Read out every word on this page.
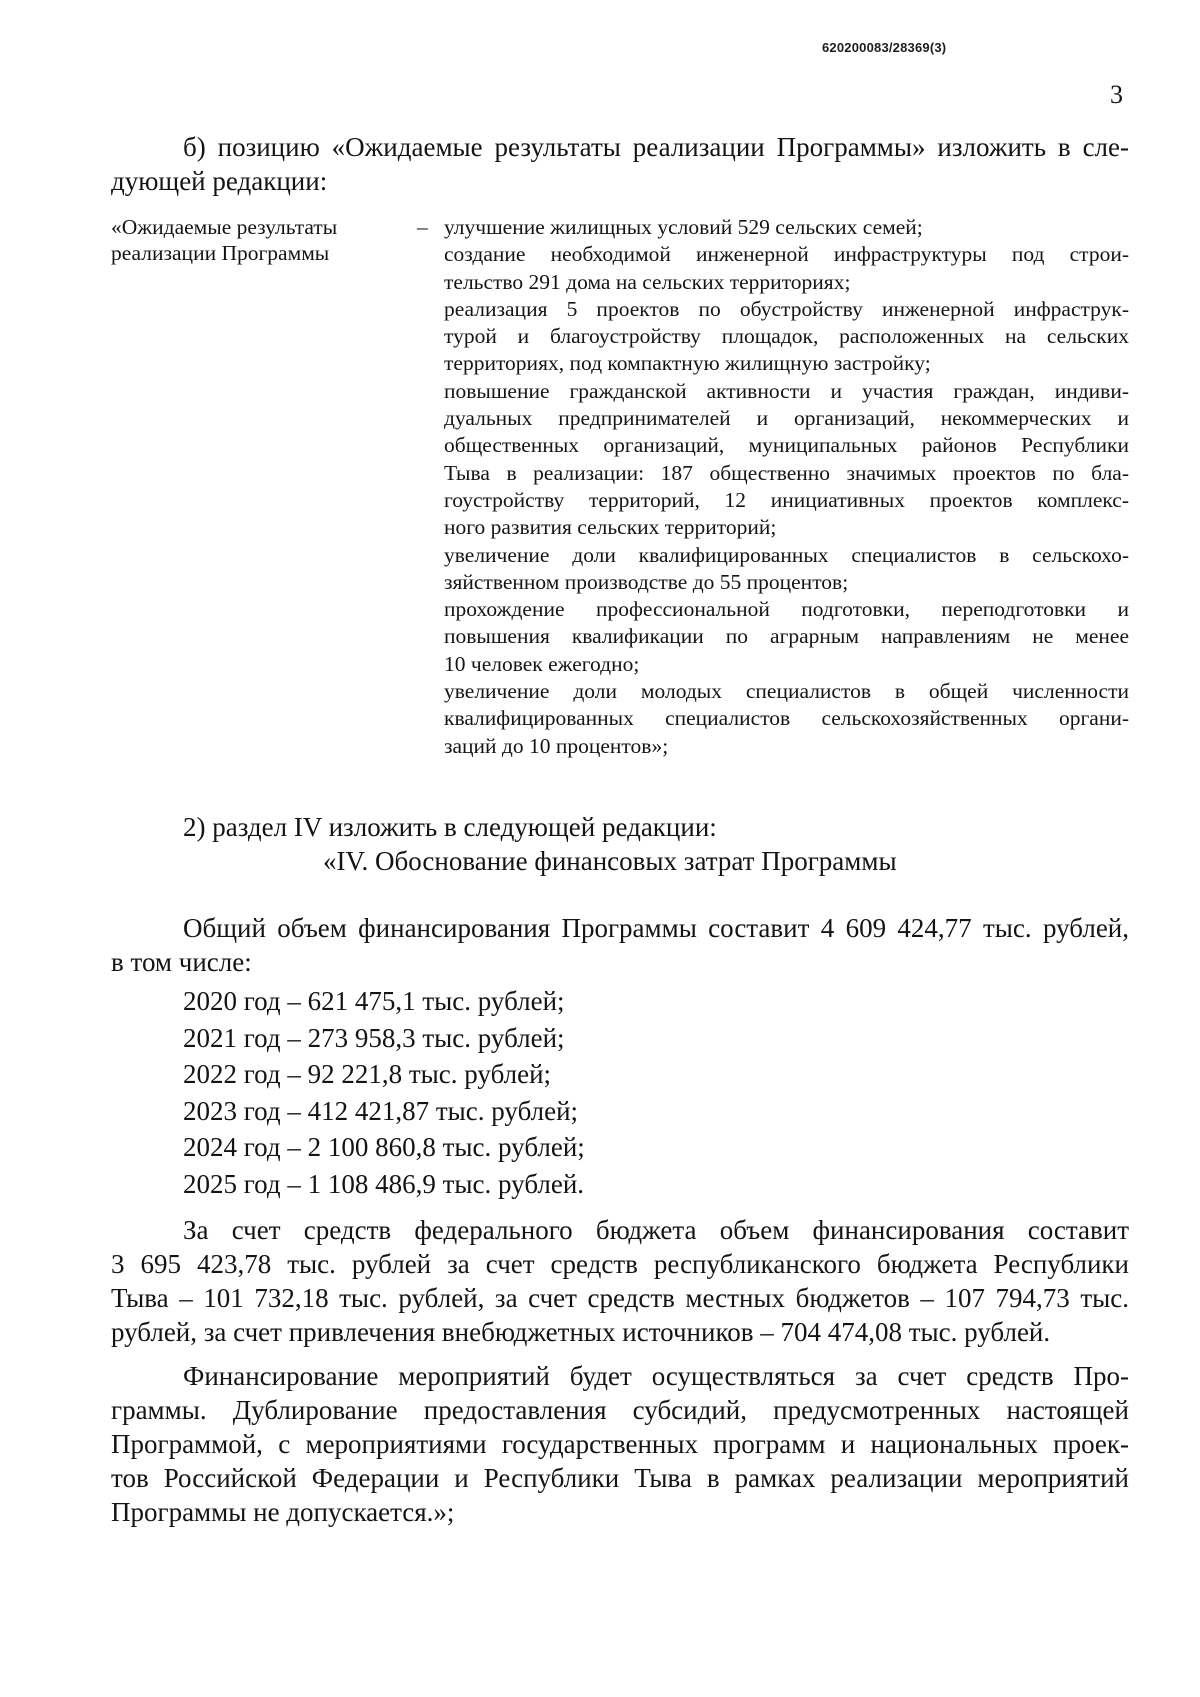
620200083/28369(3)
3
б) позицию «Ожидаемые результаты реализации Программы» изложить в сле-
дующей редакции:
«Ожидаемые результаты
реализации Программы
– улучшение жилищных условий 529 сельских семей;
создание необходимой инженерной инфраструктуры под строи-
тельство 291 дома на сельских территориях;
реализация 5 проектов по обустройству инженерной инфраструк-
турой и благоустройству площадок, расположенных на сельских
территориях, под компактную жилищную застройку;
повышение гражданской активности и участия граждан, индиви-
дуальных предпринимателей и организаций, некоммерческих и
общественных организаций, муниципальных районов Республики
Тыва в реализации: 187 общественно значимых проектов по бла-
гоустройству территорий, 12 инициативных проектов комплекс-
ного развития сельских территорий;
увеличение доли квалифицированных специалистов в сельскохо-
зяйственном производстве до 55 процентов;
прохождение профессиональной подготовки, переподготовки и
повышения квалификации по аграрным направлениям не менее
10 человек ежегодно;
увеличение доли молодых специалистов в общей численности
квалифицированных специалистов сельскохозяйственных органи-
заций до 10 процентов»;
2) раздел IV изложить в следующей редакции:
«IV. Обоснование финансовых затрат Программы
Общий объем финансирования Программы составит 4 609 424,77 тыс. рублей,
в том числе:
2020 год – 621 475,1 тыс. рублей;
2021 год – 273 958,3 тыс. рублей;
2022 год – 92 221,8 тыс. рублей;
2023 год – 412 421,87 тыс. рублей;
2024 год – 2 100 860,8 тыс. рублей;
2025 год – 1 108 486,9 тыс. рублей.
За счет средств федерального бюджета объем финансирования составит
3 695 423,78 тыс. рублей за счет средств республиканского бюджета Республики
Тыва – 101 732,18 тыс. рублей, за счет средств местных бюджетов – 107 794,73 тыс.
рублей, за счет привлечения внебюджетных источников – 704 474,08 тыс. рублей.
Финансирование мероприятий будет осуществляться за счет средств Про-
граммы. Дублирование предоставления субсидий, предусмотренных настоящей
Программой, с мероприятиями государственных программ и национальных проек-
тов Российской Федерации и Республики Тыва в рамках реализации мероприятий
Программы не допускается.»;
